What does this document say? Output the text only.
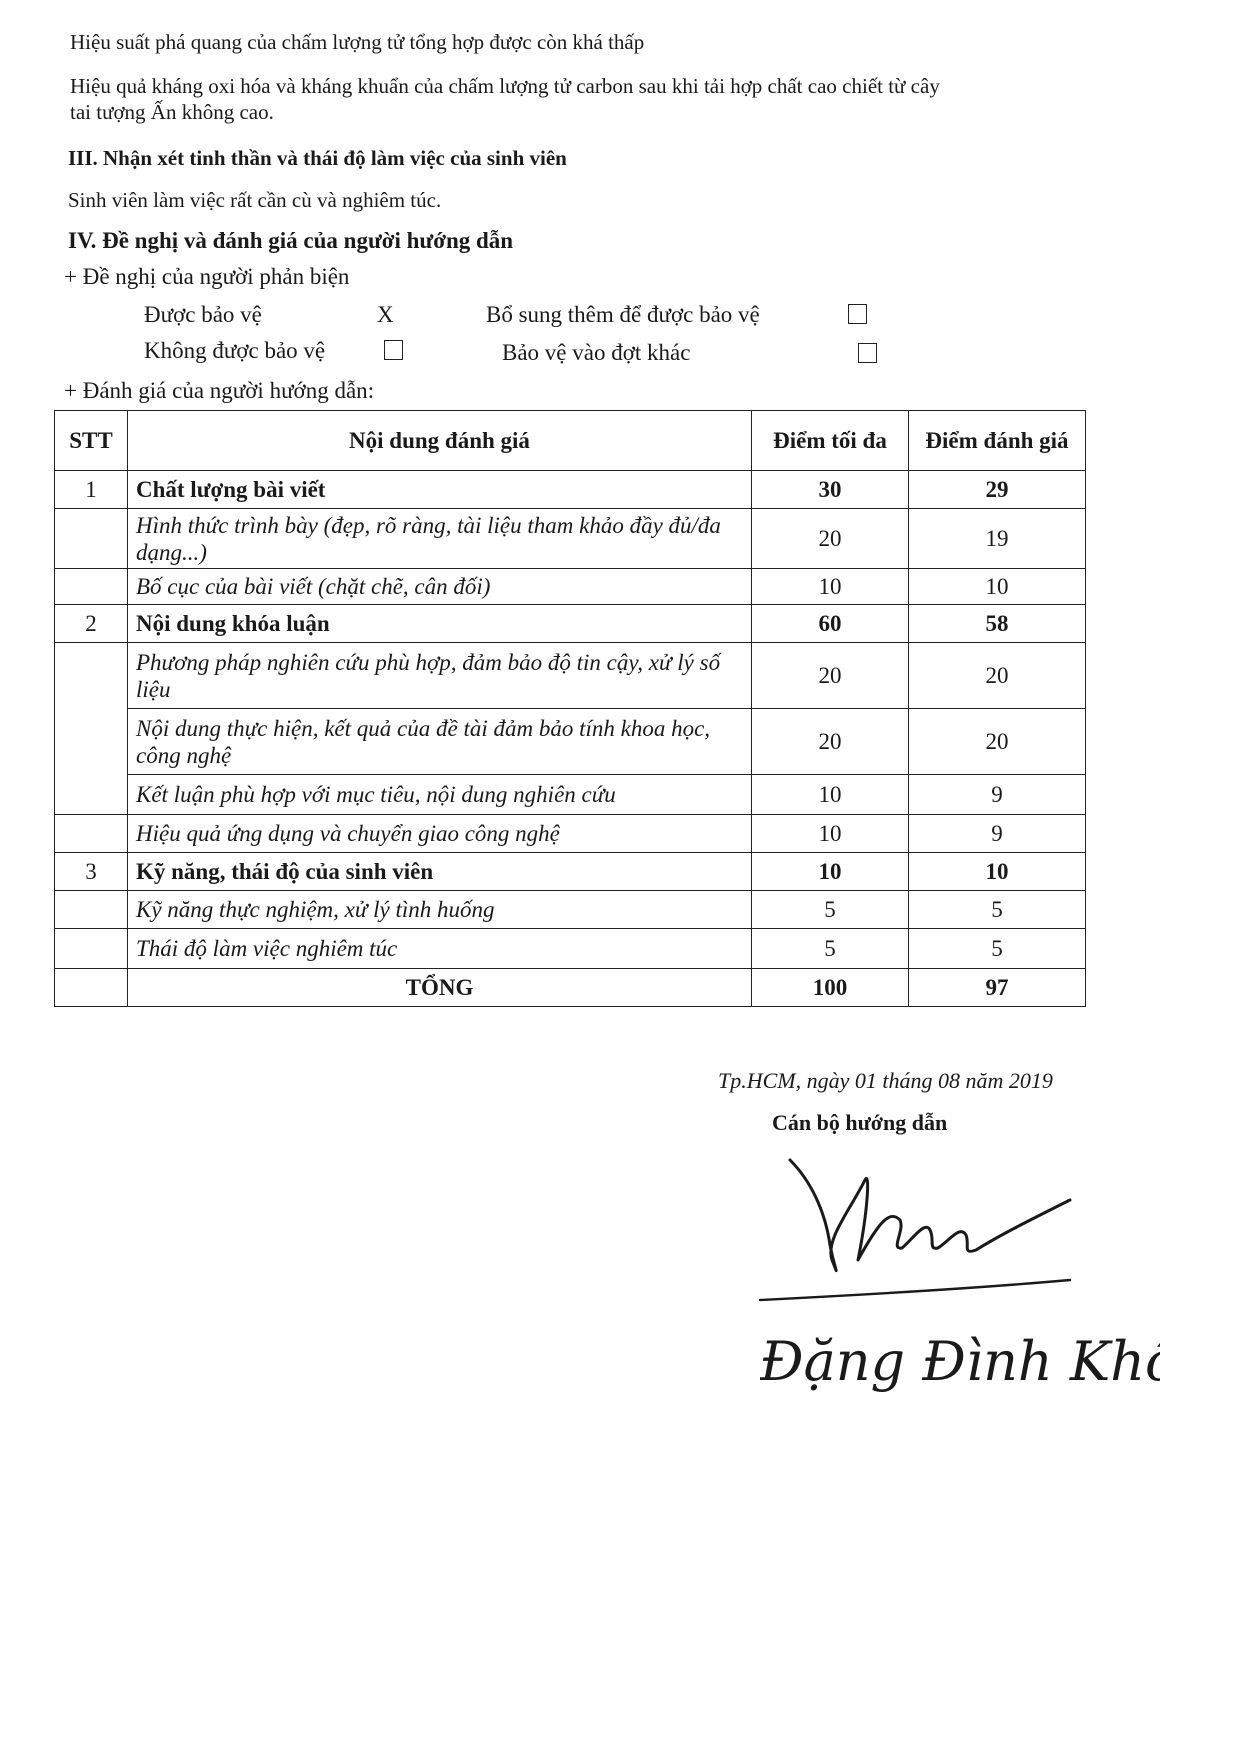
Hiệu suất phá quang của chấm lượng tử tổng hợp được còn khá thấp
Hiệu quả kháng oxi hóa và kháng khuẩn của chấm lượng tử carbon sau khi tải hợp chất cao chiết từ cây
tai tượng Ấn không cao.
III. Nhận xét tinh thần và thái độ làm việc của sinh viên
Sinh viên làm việc rất cần cù và nghiêm túc.
IV. Đề nghị và đánh giá của người hướng dẫn
+ Đề nghị của người phản biện
Được bảo vệ	X	Bổ sung thêm để được bảo vệ
Không được bảo vệ	Bảo vệ vào đợt khác
+ Đánh giá của người hướng dẫn:
STT	Nội dung đánh giá	Điểm tối đa	Điểm đánh giá
1	Chất lượng bài viết	30	29
	Hình thức trình bày (đẹp, rõ ràng, tài liệu tham khảo đầy đủ/đa dạng...)	20	19
	Bố cục của bài viết (chặt chẽ, cân đối)	10	10
2	Nội dung khóa luận	60	58
	Phương pháp nghiên cứu phù hợp, đảm bảo độ tin cậy, xử lý số liệu	20	20
	Nội dung thực hiện, kết quả của đề tài đảm bảo tính khoa học, công nghệ	20	20
	Kết luận phù hợp với mục tiêu, nội dung nghiên cứu	10	9
	Hiệu quả ứng dụng và chuyển giao công nghệ	10	9
3	Kỹ năng, thái độ của sinh viên	10	10
	Kỹ năng thực nghiệm, xử lý tình huống	5	5
	Thái độ làm việc nghiêm túc	5	5
	TỔNG	100	97
Tp.HCM, ngày 01 tháng 08 năm 2019
Cán bộ hướng dẫn
Đặng Đình Khôi
